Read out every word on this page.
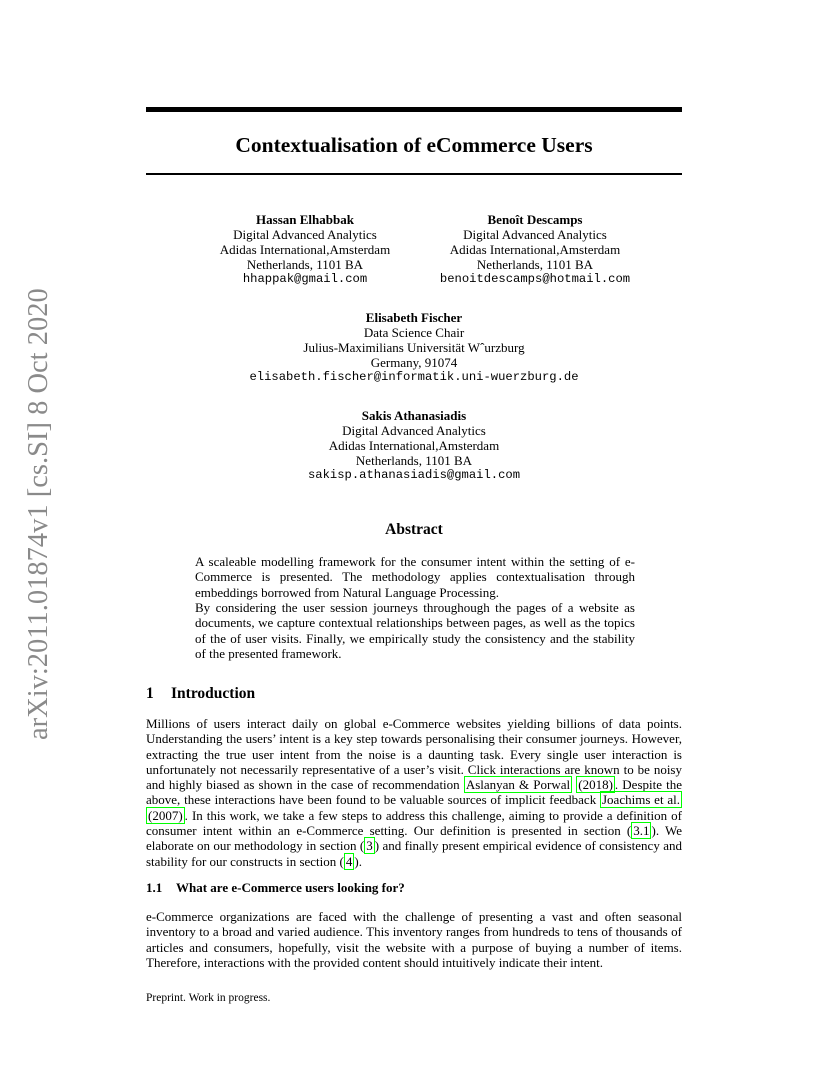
arXiv:2011.01874v1 [cs.SI] 8 Oct 2020
Contextualisation of eCommerce Users
Hassan Elhabbak
Digital Advanced Analytics
Adidas International,Amsterdam
Netherlands, 1101 BA
hhappak@gmail.com
Benoît Descamps
Digital Advanced Analytics
Adidas International,Amsterdam
Netherlands, 1101 BA
benoitdescamps@hotmail.com
Elisabeth Fischer
Data Science Chair
Julius-Maximilians Universität Wˆurzburg
Germany, 91074
elisabeth.fischer@informatik.uni-wuerzburg.de
Sakis Athanasiadis
Digital Advanced Analytics
Adidas International,Amsterdam
Netherlands, 1101 BA
sakisp.athanasiadis@gmail.com
Abstract

A scaleable modelling framework for the consumer intent within the setting of e-Commerce is presented. The methodology applies contextualisation through embeddings borrowed from Natural Language Processing.

By considering the user session journeys throughough the pages of a website as documents, we capture contextual relationships between pages, as well as the topics of the of user visits. Finally, we empirically study the consistency and the stability of the presented framework.

1 Introduction

Millions of users interact daily on global e-Commerce websites yielding billions of data points. Understanding the users’ intent is a key step towards personalising their consumer journeys. However, extracting the true user intent from the noise is a daunting task. Every single user interaction is unfortunately not necessarily representative of a user’s visit. Click interactions are known to be noisy and highly biased as shown in the case of recommendation Aslanyan & Porwal (2018) . Despite the above, these interactions have been found to be valuable sources of implicit feedback Joachims et al. (2007) . In this work, we take a few steps to address this challenge, aiming to provide a definition of consumer intent within an e-Commerce setting. Our definition is presented in section ( 3.1 ). We elaborate on our methodology in section ( 3 ) and finally present empirical evidence of consistency and stability for our constructs in section ( 4 ).

1.1 What are e-Commerce users looking for?

e-Commerce organizations are faced with the challenge of presenting a vast and often seasonal inventory to a broad and varied audience. This inventory ranges from hundreds to tens of thousands of articles and consumers, hopefully, visit the website with a purpose of buying a number of items. Therefore, interactions with the provided content should intuitively indicate their intent.

Preprint. Work in progress.
